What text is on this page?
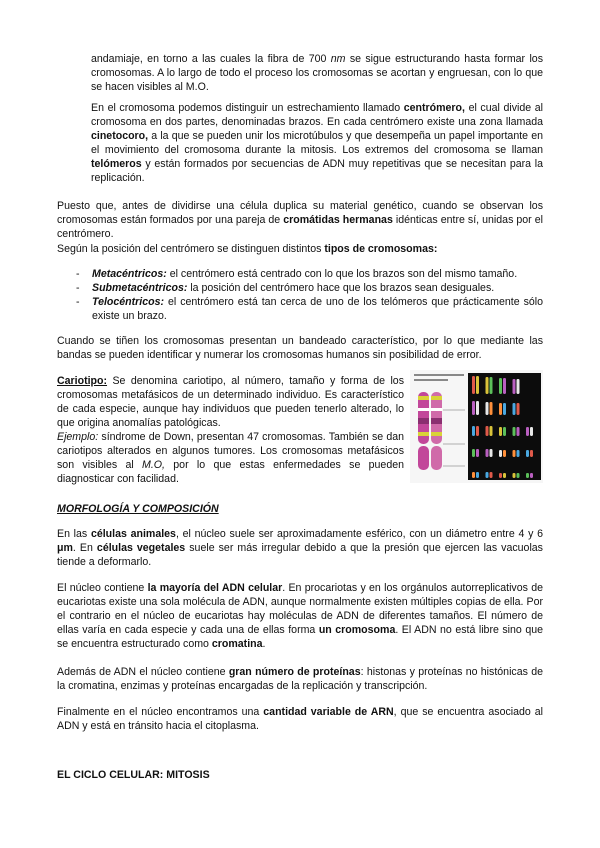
andamiaje, en torno a las cuales la fibra de 700 nm se sigue estructurando hasta formar los cromosomas. A lo largo de todo el proceso los cromosomas se acortan y engruesan, con lo que se hacen visibles al M.O.

En el cromosoma podemos distinguir un estrechamiento llamado centrómero, el cual divide al cromosoma en dos partes, denominadas brazos. En cada centrómero existe una zona llamada cinetocoro, a la que se pueden unir los microtúbulos y que desempeña un papel importante en el movimiento del cromosoma durante la mitosis. Los extremos del cromosoma se llaman telómeros y están formados por secuencias de ADN muy repetitivas que se necesitan para la replicación.

Puesto que, antes de dividirse una célula duplica su material genético, cuando se observan los cromosomas están formados por una pareja de cromátidas hermanas idénticas entre sí, unidas por el centrómero.

Según la posición del centrómero se distinguen distintos tipos de cromosomas:

- Metacéntricos: el centrómero está centrado con lo que los brazos son del mismo tamaño.
- Submetacéntricos: la posición del centrómero hace que los brazos sean desiguales.
- Telocéntricos: el centrómero está tan cerca de uno de los telómeros que prácticamente sólo existe un brazo.

Cuando se tiñen los cromosomas presentan un bandeado característico, por lo que mediante las bandas se pueden identificar y numerar los cromosomas humanos sin posibilidad de error.

Cariotipo: Se denomina cariotipo, al número, tamaño y forma de los cromosomas metafásicos de un determinado individuo. Es característico de cada especie, aunque hay individuos que pueden tenerlo alterado, lo que origina anomalías patológicas.
Ejemplo: síndrome de Down, presentan 47 cromosomas. También se dan cariotipos alterados en algunos tumores. Los cromosomas metafásicos son visibles al M.O, por lo que estas enfermedades se pueden diagnosticar con facilidad.

MORFOLOGÍA Y COMPOSICIÓN

En las células animales, el núcleo suele ser aproximadamente esférico, con un diámetro entre 4 y 6 μm. En células vegetales suele ser más irregular debido a que la presión que ejercen las vacuolas tiende a deformarlo.

El núcleo contiene la mayoría del ADN celular. En procariotas y en los orgánulos autorreplicativos de eucariotas existe una sola molécula de ADN, aunque normalmente existen múltiples copias de ella. Por el contrario en el núcleo de eucariotas hay moléculas de ADN de diferentes tamaños. El número de ellas varía en cada especie y cada una de ellas forma un cromosoma. El ADN no está libre sino que se encuentra estructurado como cromatina.

Además de ADN el núcleo contiene gran número de proteínas: histonas y proteínas no histónicas de la cromatina, enzimas y proteínas encargadas de la replicación y transcripción.

Finalmente en el núcleo encontramos una cantidad variable de ARN, que se encuentra asociado al ADN y está en tránsito hacia el citoplasma.

EL CICLO CELULAR: MITOSIS
